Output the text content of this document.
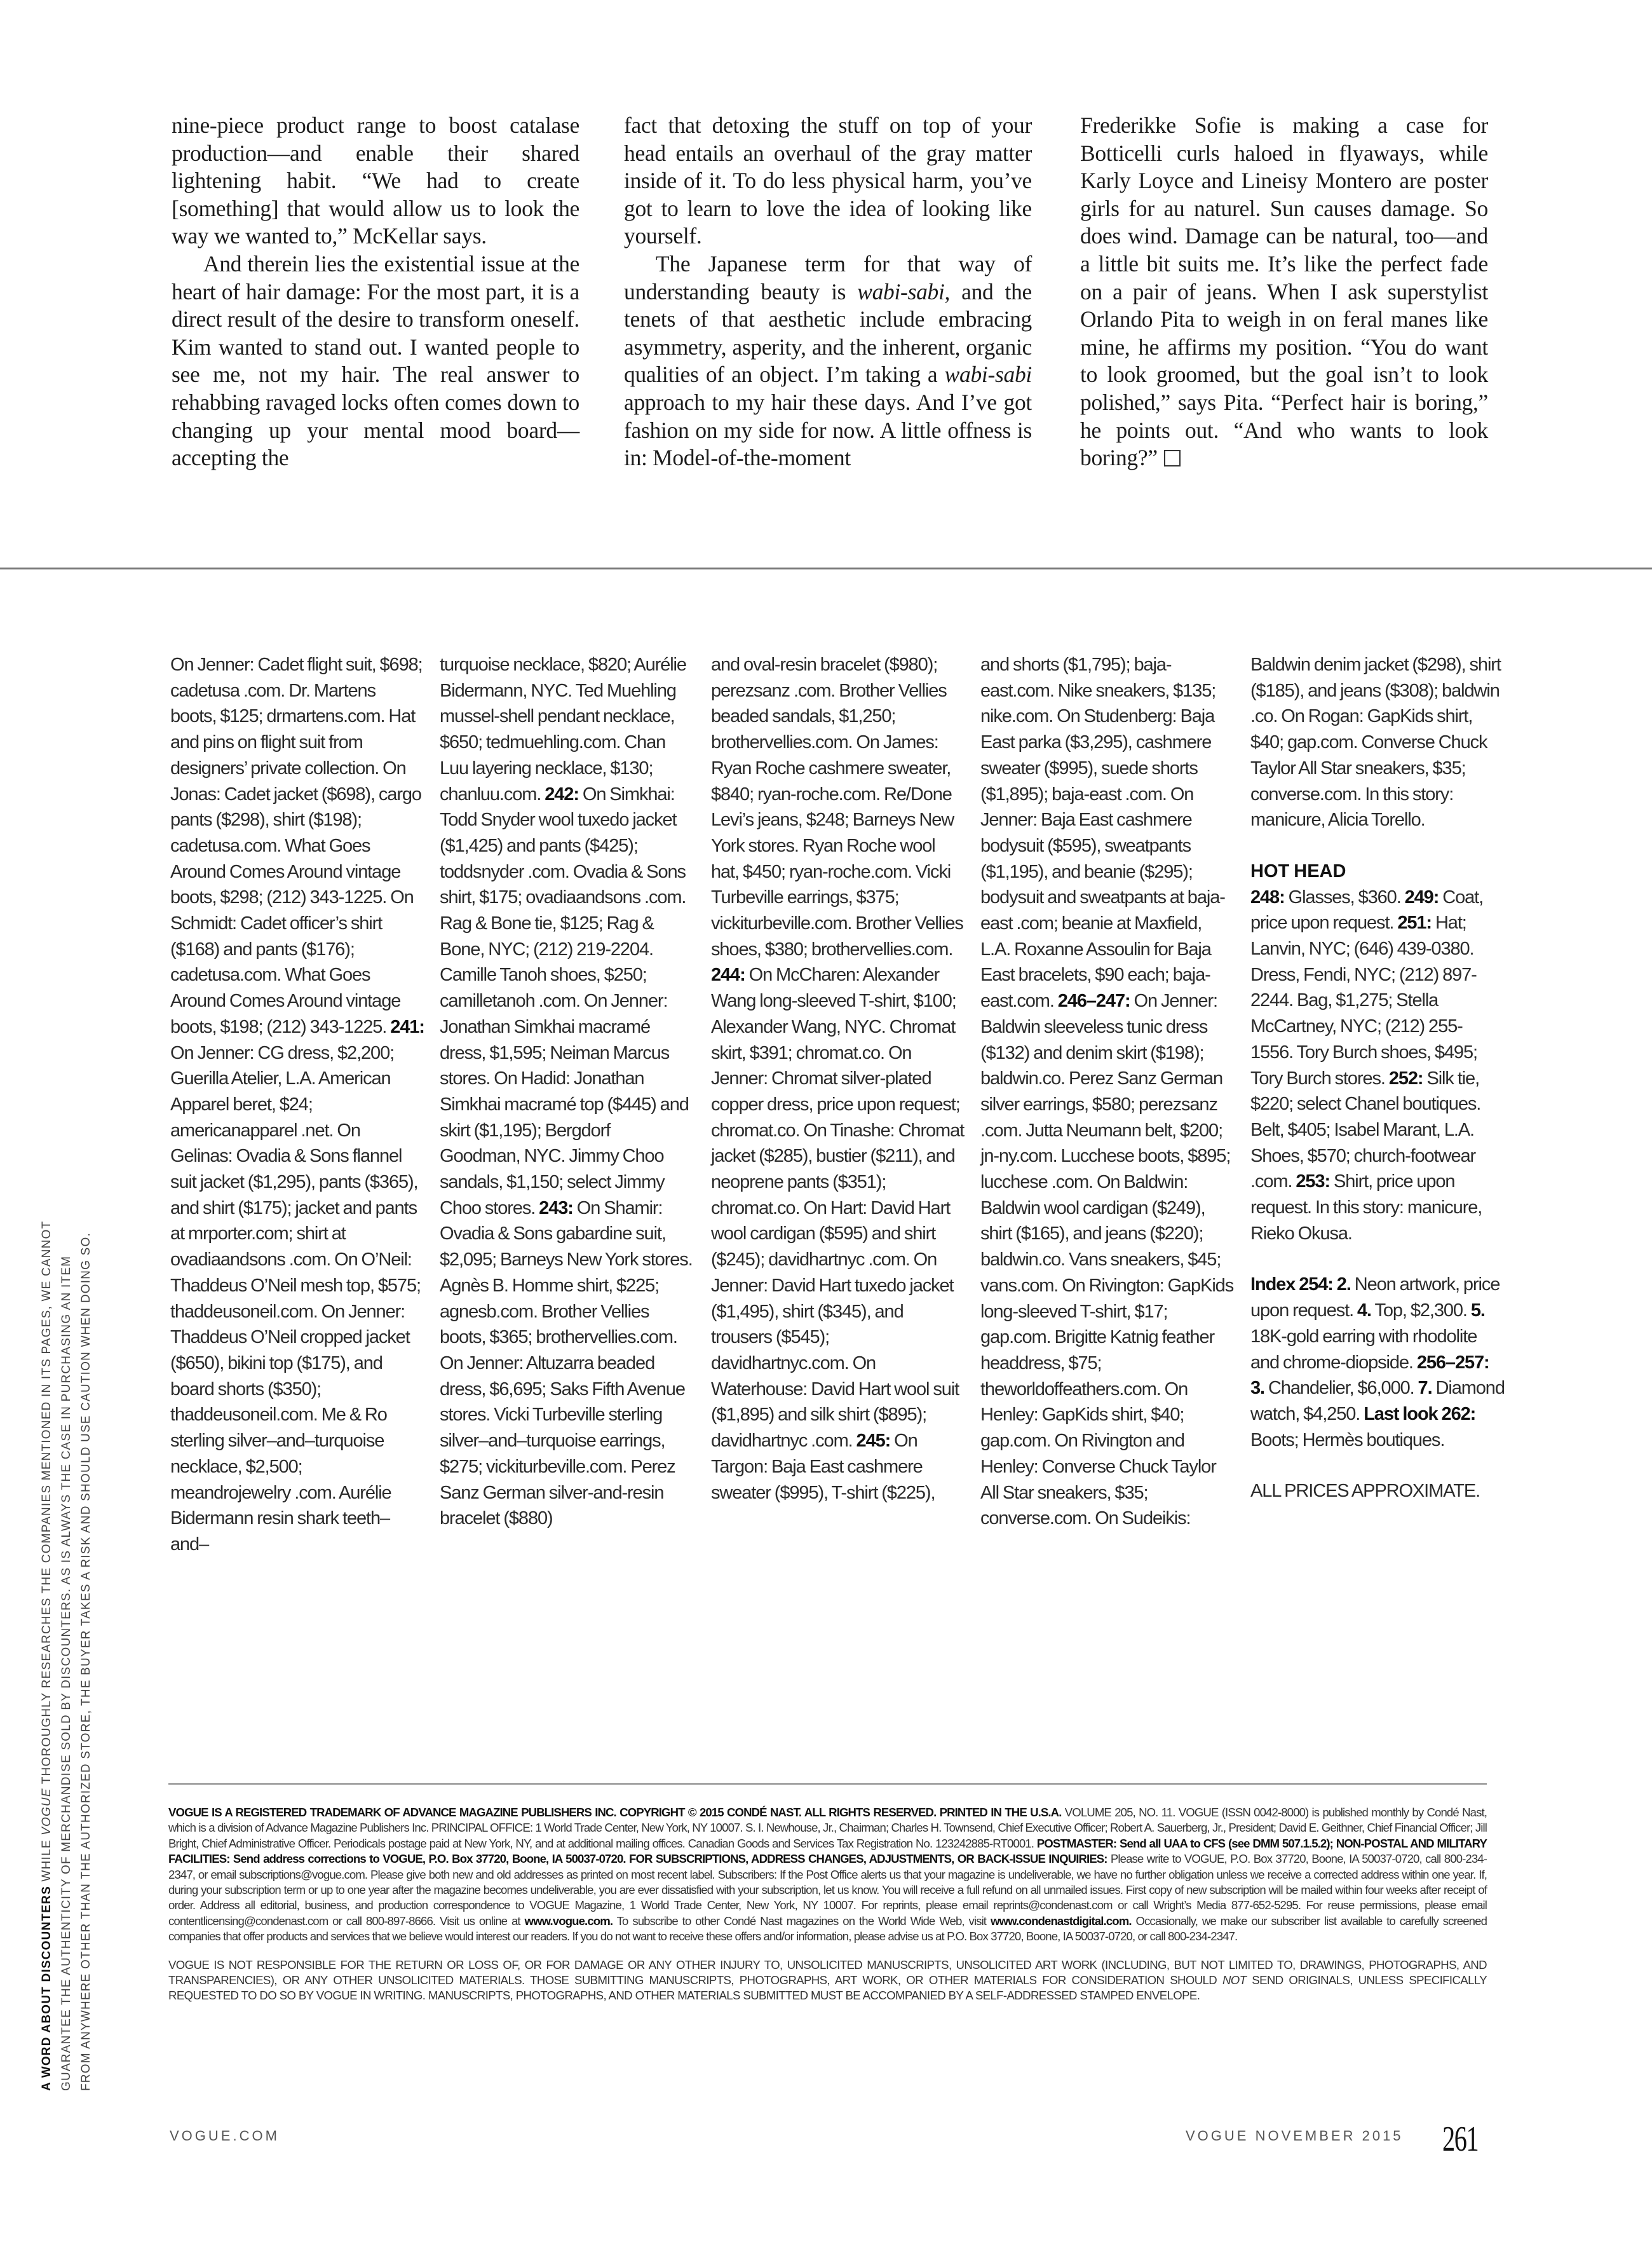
nine-piece product range to boost catalase production—and enable their shared lightening habit. “We had to create [something] that would allow us to look the way we wanted to,” McKellar says.

And therein lies the existential issue at the heart of hair damage: For the most part, it is a direct result of the desire to transform oneself. Kim wanted to stand out. I wanted people to see me, not my hair. The real answer to rehabbing ravaged locks often comes down to changing up your mental mood board—accepting the

fact that detoxing the stuff on top of your head entails an overhaul of the gray matter inside of it. To do less physical harm, you’ve got to learn to love the idea of looking like yourself.

The Japanese term for that way of understanding beauty is wabi-sabi, and the tenets of that aesthetic include embracing asymmetry, asperity, and the inherent, organic qualities of an object. I’m taking a wabi-sabi approach to my hair these days. And I’ve got fashion on my side for now. A little offness is in: Model-of-the-moment

Frederikke Sofie is making a case for Botticelli curls haloed in flyaways, while Karly Loyce and Lineisy Montero are poster girls for au naturel. Sun causes damage. So does wind. Damage can be natural, too—and a little bit suits me. It’s like the perfect fade on a pair of jeans. When I ask superstylist Orlando Pita to weigh in on feral manes like mine, he affirms my position. “You do want to look groomed, but the goal isn’t to look polished,” says Pita. “Perfect hair is boring,” he points out. “And who wants to look boring?”

On Jenner: Cadet flight suit, $698; cadetusa .com. Dr. Martens boots, $125; drmartens.com. Hat and pins on flight suit from designers’ private collection. On Jonas: Cadet jacket ($698), cargo pants ($298), shirt ($198); cadetusa.com. What Goes Around Comes Around vintage boots, $298; (212) 343-1225. On Schmidt: Cadet officer’s shirt ($168) and pants ($176); cadetusa.com. What Goes Around Comes Around vintage boots, $198; (212) 343-1225. 241: On Jenner: CG dress, $2,200; Guerilla Atelier, L.A. American Apparel beret, $24; americanapparel .net. On Gelinas: Ovadia & Sons flannel suit jacket ($1,295), pants ($365), and shirt ($175); jacket and pants at mrporter.com; shirt at ovadiaandsons .com. On O’Neil: Thaddeus O’Neil mesh top, $575; thaddeusoneil.com. On Jenner: Thaddeus O’Neil cropped jacket ($650), bikini top ($175), and board shorts ($350); thaddeusoneil.com. Me & Ro sterling silver–and–turquoise necklace, $2,500; meandrojewelry .com. Aurélie Bidermann resin shark teeth–and–

turquoise necklace, $820; Aurélie Bidermann, NYC. Ted Muehling mussel-shell pendant necklace, $650; tedmuehling.com. Chan Luu layering necklace, $130; chanluu.com. 242: On Simkhai: Todd Snyder wool tuxedo jacket ($1,425) and pants ($425); toddsnyder .com. Ovadia & Sons shirt, $175; ovadiaandsons .com. Rag & Bone tie, $125; Rag & Bone, NYC; (212) 219-2204. Camille Tanoh shoes, $250; camilletanoh .com. On Jenner: Jonathan Simkhai macramé dress, $1,595; Neiman Marcus stores. On Hadid: Jonathan Simkhai macramé top ($445) and skirt ($1,195); Bergdorf Goodman, NYC. Jimmy Choo sandals, $1,150; select Jimmy Choo stores. 243: On Shamir: Ovadia & Sons gabardine suit, $2,095; Barneys New York stores. Agnès B. Homme shirt, $225; agnesb.com. Brother Vellies boots, $365; brothervellies.com. On Jenner: Altuzarra beaded dress, $6,695; Saks Fifth Avenue stores. Vicki Turbeville sterling silver–and–turquoise earrings, $275; vickiturbeville.com. Perez Sanz German silver-and-resin bracelet ($880)

and oval-resin bracelet ($980); perezsanz .com. Brother Vellies beaded sandals, $1,250; brothervellies.com. On James: Ryan Roche cashmere sweater, $840; ryan-roche.com. Re/Done Levi’s jeans, $248; Barneys New York stores. Ryan Roche wool hat, $450; ryan-roche.com. Vicki Turbeville earrings, $375; vickiturbeville.com. Brother Vellies shoes, $380; brothervellies.com. 244: On McCharen: Alexander Wang long-sleeved T-shirt, $100; Alexander Wang, NYC. Chromat skirt, $391; chromat.co. On Jenner: Chromat silver-plated copper dress, price upon request; chromat.co. On Tinashe: Chromat jacket ($285), bustier ($211), and neoprene pants ($351); chromat.co. On Hart: David Hart wool cardigan ($595) and shirt ($245); davidhartnyc .com. On Jenner: David Hart tuxedo jacket ($1,495), shirt ($345), and trousers ($545); davidhartnyc.com. On Waterhouse: David Hart wool suit ($1,895) and silk shirt ($895); davidhartnyc .com. 245: On Targon: Baja East cashmere sweater ($995), T-shirt ($225),

and shorts ($1,795); baja-east.com. Nike sneakers, $135; nike.com. On Studenberg: Baja East parka ($3,295), cashmere sweater ($995), suede shorts ($1,895); baja-east .com. On Jenner: Baja East cashmere bodysuit ($595), sweatpants ($1,195), and beanie ($295); bodysuit and sweatpants at baja-east .com; beanie at Maxfield, L.A. Roxanne Assoulin for Baja East bracelets, $90 each; baja-east.com. 246–247: On Jenner: Baldwin sleeveless tunic dress ($132) and denim skirt ($198); baldwin.co. Perez Sanz German silver earrings, $580; perezsanz .com. Jutta Neumann belt, $200; jn-ny.com. Lucchese boots, $895; lucchese .com. On Baldwin: Baldwin wool cardigan ($249), shirt ($165), and jeans ($220); baldwin.co. Vans sneakers, $45; vans.com. On Rivington: GapKids long-sleeved T-shirt, $17; gap.com. Brigitte Katnig feather headdress, $75; theworldoffeathers.com. On Henley: GapKids shirt, $40; gap.com. On Rivington and Henley: Converse Chuck Taylor All Star sneakers, $35; converse.com. On Sudeikis:

Baldwin denim jacket ($298), shirt ($185), and jeans ($308); baldwin .co. On Rogan: GapKids shirt, $40; gap.com. Converse Chuck Taylor All Star sneakers, $35; converse.com. In this story: manicure, Alicia Torello.

HOT HEAD

248: Glasses, $360. 249: Coat, price upon request. 251: Hat; Lanvin, NYC; (646) 439-0380. Dress, Fendi, NYC; (212) 897-2244. Bag, $1,275; Stella McCartney, NYC; (212) 255-1556. Tory Burch shoes, $495; Tory Burch stores. 252: Silk tie, $220; select Chanel boutiques. Belt, $405; Isabel Marant, L.A. Shoes, $570; church-footwear .com. 253: Shirt, price upon request. In this story: manicure, Rieko Okusa.

Index 254: 2. Neon artwork, price upon request. 4. Top, $2,300. 5. 18K-gold earring with rhodolite and chrome-diopside. 256–257: 3. Chandelier, $6,000. 7. Diamond watch, $4,250. Last look 262: Boots; Hermès boutiques.

ALL PRICES APPROXIMATE.

VOGUE IS A REGISTERED TRADEMARK OF ADVANCE MAGAZINE PUBLISHERS INC. COPYRIGHT © 2015 CONDÉ NAST. ALL RIGHTS RESERVED. PRINTED IN THE U.S.A. VOLUME 205, NO. 11. VOGUE (ISSN 0042-8000) is published monthly by Condé Nast, which is a division of Advance Magazine Publishers Inc. PRINCIPAL OFFICE: 1 World Trade Center, New York, NY 10007. S. I. Newhouse, Jr., Chairman; Charles H. Townsend, Chief Executive Officer; Robert A. Sauerberg, Jr., President; David E. Geithner, Chief Financial Officer; Jill Bright, Chief Administrative Officer. Periodicals postage paid at New York, NY, and at additional mailing offices. Canadian Goods and Services Tax Registration No. 123242885-RT0001. POSTMASTER: Send all UAA to CFS (see DMM 507.1.5.2); NON-POSTAL AND MILITARY FACILITIES: Send address corrections to VOGUE, P.O. Box 37720, Boone, IA 50037-0720. FOR SUBSCRIPTIONS, ADDRESS CHANGES, ADJUSTMENTS, OR BACK-ISSUE INQUIRIES: Please write to VOGUE, P.O. Box 37720, Boone, IA 50037-0720, call 800-234-2347, or email subscriptions@vogue.com. Please give both new and old addresses as printed on most recent label. Subscribers: If the Post Office alerts us that your magazine is undeliverable, we have no further obligation unless we receive a corrected address within one year. If, during your subscription term or up to one year after the magazine becomes undeliverable, you are ever dissatisfied with your subscription, let us know. You will receive a full refund on all unmailed issues. First copy of new subscription will be mailed within four weeks after receipt of order. Address all editorial, business, and production correspondence to VOGUE Magazine, 1 World Trade Center, New York, NY 10007. For reprints, please email reprints@condenast.com or call Wright’s Media 877-652-5295. For reuse permissions, please email contentlicensing@condenast.com or call 800-897-8666. Visit us online at www.vogue.com. To subscribe to other Condé Nast magazines on the World Wide Web, visit www.condenastdigital.com. Occasionally, we make our subscriber list available to carefully screened companies that offer products and services that we believe would interest our readers. If you do not want to receive these offers and/or information, please advise us at P.O. Box 37720, Boone, IA 50037-0720, or call 800-234-2347.

VOGUE IS NOT RESPONSIBLE FOR THE RETURN OR LOSS OF, OR FOR DAMAGE OR ANY OTHER INJURY TO, UNSOLICITED MANUSCRIPTS, UNSOLICITED ART WORK (INCLUDING, BUT NOT LIMITED TO, DRAWINGS, PHOTOGRAPHS, AND TRANSPARENCIES), OR ANY OTHER UNSOLICITED MATERIALS. THOSE SUBMITTING MANUSCRIPTS, PHOTOGRAPHS, ART WORK, OR OTHER MATERIALS FOR CONSIDERATION SHOULD NOT SEND ORIGINALS, UNLESS SPECIFICALLY REQUESTED TO DO SO BY VOGUE IN WRITING. MANUSCRIPTS, PHOTOGRAPHS, AND OTHER MATERIALS SUBMITTED MUST BE ACCOMPANIED BY A SELF-ADDRESSED STAMPED ENVELOPE.

A WORD ABOUT DISCOUNTERS WHILE VOGUE THOROUGHLY RESEARCHES THE COMPANIES MENTIONED IN ITS PAGES, WE CANNOT GUARANTEE THE AUTHENTICITY OF MERCHANDISE SOLD BY DISCOUNTERS. AS IS ALWAYS THE CASE IN PURCHASING AN ITEM FROM ANYWHERE OTHER THAN THE AUTHORIZED STORE, THE BUYER TAKES A RISK AND SHOULD USE CAUTION WHEN DOING SO.

VOGUE.COM	VOGUE NOVEMBER 2015 261
